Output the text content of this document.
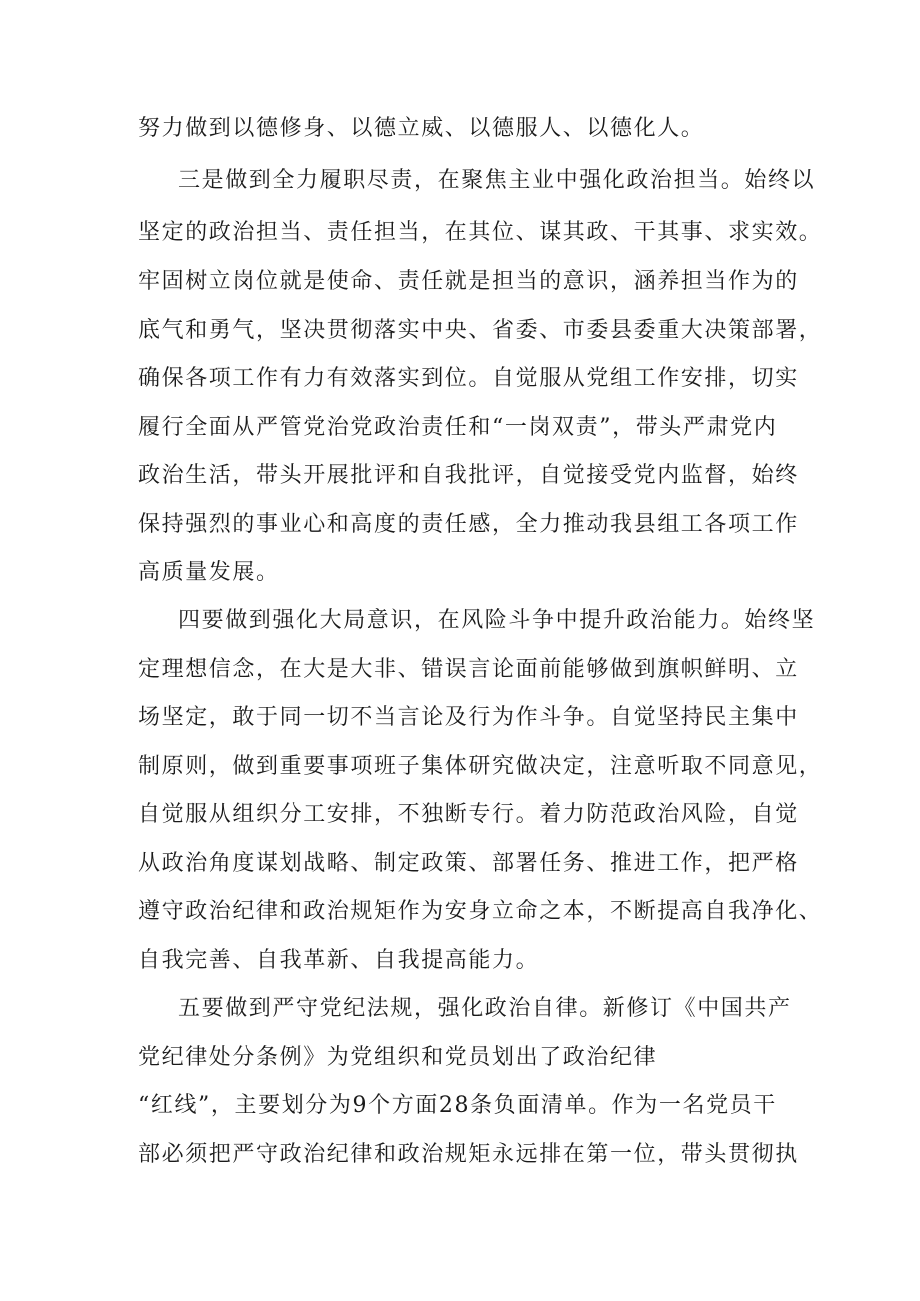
努力做到以德修身、以德立威、以德服人、以德化人。

三是做到全力履职尽责，在聚焦主业中强化政治担当。始终以

坚定的政治担当、责任担当，在其位、谋其政、干其事、求实效。

牢固树立岗位就是使命、责任就是担当的意识，涵养担当作为的

底气和勇气，坚决贯彻落实中央、省委、市委县委重大决策部署，

确保各项工作有力有效落实到位。自觉服从党组工作安排，切实

履行全面从严管党治党政治责任和“一岗双责”，带头严肃党内

政治生活，带头开展批评和自我批评，自觉接受党内监督，始终

保持强烈的事业心和高度的责任感，全力推动我县组工各项工作

高质量发展。

四要做到强化大局意识，在风险斗争中提升政治能力。始终坚

定理想信念，在大是大非、错误言论面前能够做到旗帜鲜明、立

场坚定，敢于同一切不当言论及行为作斗争。自觉坚持民主集中

制原则，做到重要事项班子集体研究做决定，注意听取不同意见，

自觉服从组织分工安排，不独断专行。着力防范政治风险，自觉

从政治角度谋划战略、制定政策、部署任务、推进工作，把严格

遵守政治纪律和政治规矩作为安身立命之本，不断提高自我净化、

自我完善、自我革新、自我提高能力。

五要做到严守党纪法规，强化政治自律。新修订《中国共产

党纪律处分条例》为党组织和党员划出了政治纪律

“红线”，主要划分为9个方面28条负面清单。作为一名党员干

部必须把严守政治纪律和政治规矩永远排在第一位，带头贯彻执
